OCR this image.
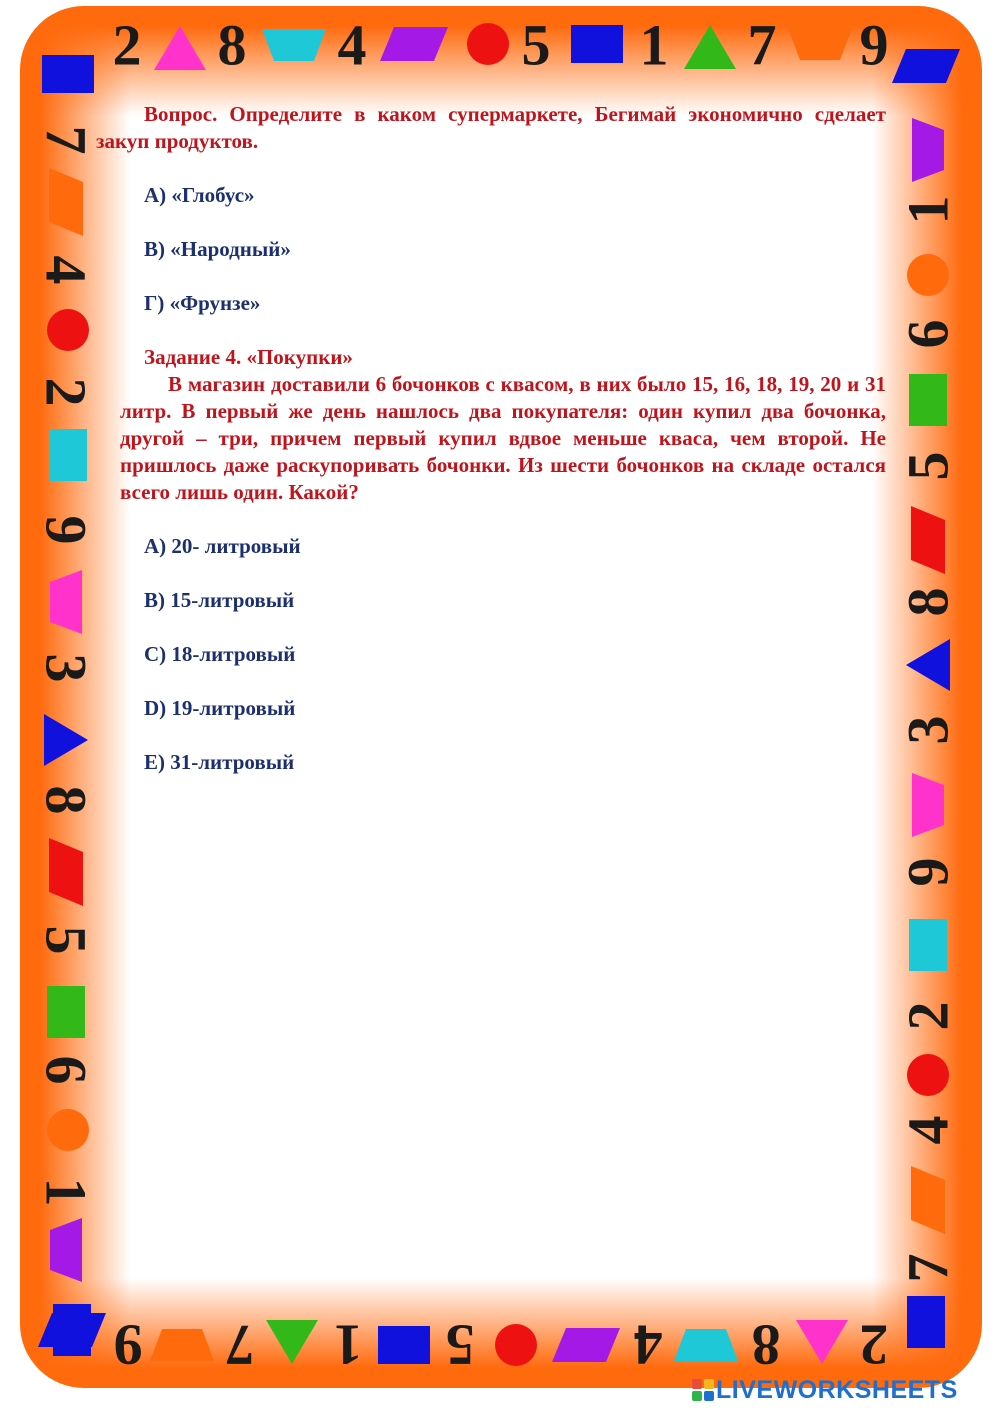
2 8 4	5 1 7 9
7
4
2
9
3
8
5
6
1
1
6
5
8
3
9
2
4
7
9 7 1 5	4 8 2

Вопрос. Определите в каком супермаркете, Бегимай экономично сделает закуп продуктов.

А) «Глобус»

В) «Народный»

Г) «Фрунзе»

Задание 4. «Покупки»

В магазин доставили 6 бочонков с квасом, в них было 15, 16, 18, 19, 20 и 31 литр. В первый же день нашлось два покупателя: один купил два бочонка, другой – три, причем первый купил вдвое меньше кваса, чем второй. Не пришлось даже раскупоривать бочонки. Из шести бочонков на складе остался всего лишь один. Какой?

А) 20- литровый

В) 15-литровый

С) 18-литровый

D) 19-литровый

Е) 31-литровый

LIVEWORKSHEETS
